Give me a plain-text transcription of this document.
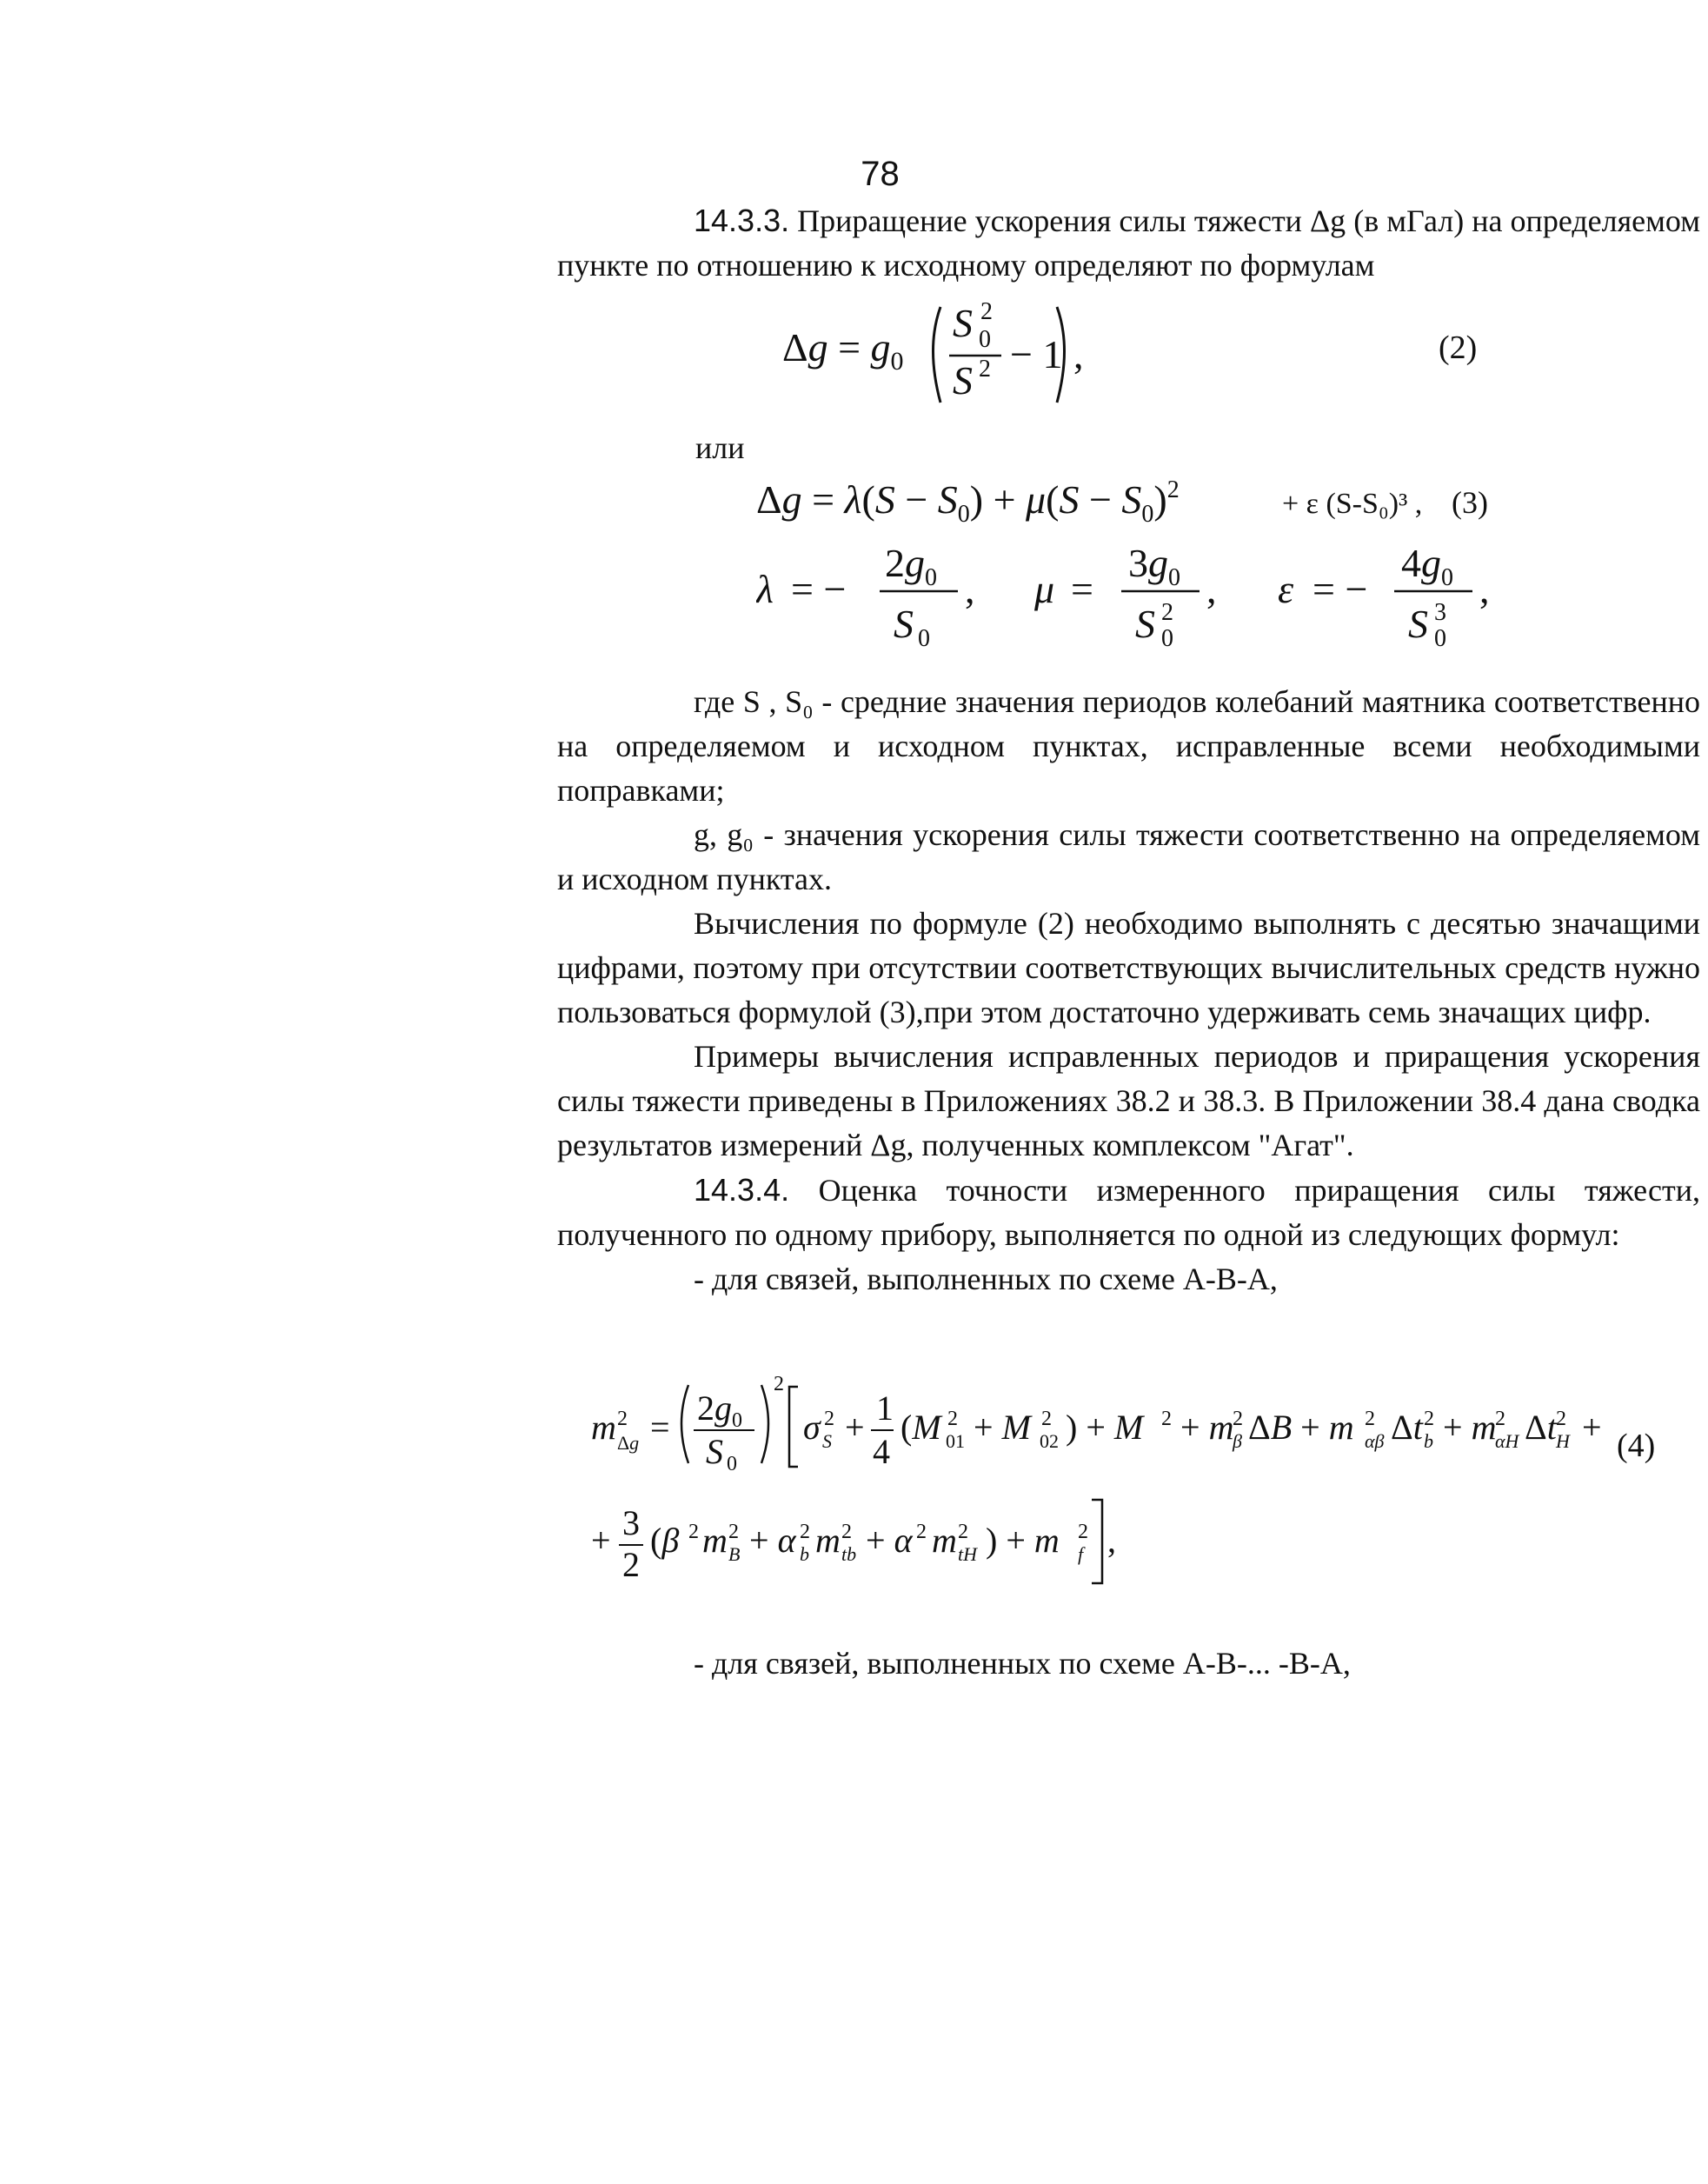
78

14.3.3. Приращение ускорения силы тяжести Δg (в мГал) на определяемом пункте по отношению к исходному определяют по формулам

$\Delta g = g_0$
S 2
0
S 2 − 1 ,	(2)
или
$\Delta g = \lambda(S - S_0) + \mu(S - S_0)^2$	+ ε (S-S₀)³ , (3)
λ = −
$2g_0$
S 0
, μ =
$3g_0$
S 2
0
, ε = −
$4g_0$
S 3
0
,

где S , S₀ - средние значения периодов колебаний маятника соответственно на определяемом и исходном пунктах, исправленные всеми необходимыми поправками;

g, g₀ - значения ускорения силы тяжести соответственно на определяемом и исходном пунктах.

Вычисления по формуле (2) необходимо выполнять с десятью значащими цифрами, поэтому при отсутствии соответствующих вычислительных средств нужно пользоваться формулой (3),при этом достаточно удерживать семь значащих цифр.

Примеры вычисления исправленных периодов и приращения ускорения силы тяжести приведены в Приложениях 38.2 и 38.3. В Приложении 38.4 дана сводка результатов измерений Δg, полученных комплексом "Агат".

14.3.4. Оценка точности измеренного приращения силы тяжести, полученного по одному прибору, выполняется по одной из следующих формул:

- для связей, выполненных по схеме А-В-А,

m 2
$\Delta g = 2g_0$
S 0
2
σ 2
S + 1
4
(M 2
01 + M 2
02 ) + M 2 + m
2
β ΔB + m 2
αβ Δt 2
b + m
2
αH Δt 2
H +
+ 3
2
(β 2 m 2
B + α 2
b m 2
tb + α 2 m 2
tH ) + m 2
f ,
(4)

- для связей, выполненных по схеме А-В-... -В-А,
